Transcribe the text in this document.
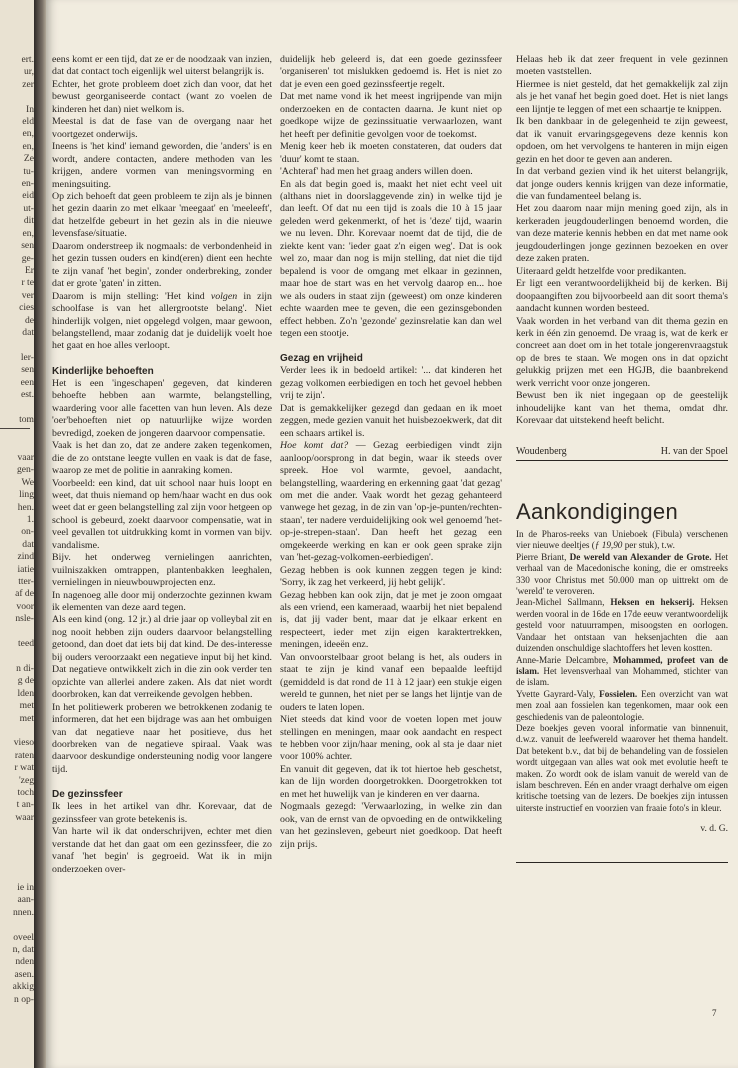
ert.
ur,
zer

In
eld
en,
en,
Ze
tu-
en-
eid
ut-
dit
en,
sen
ge-
Er
r te
ver
cies
de
dat

ler-
sen
een
est.

tom
vaar
gen-
We
ling
hen.
1.
on-
dat
zind
iatie
tter-
af de
voor
nsle-

teed

n di-
g de
lden
met
met

vieso
raten
r wat
'zeg
toch
t an-
waar
ie in
aan-
nnen.

oveel
n, dat
nden
asen.
akkig
n op-

eens komt er een tijd, dat ze er de noodzaak van inzien, dat dat contact toch eigenlijk wel uiterst belangrijk is.

Echter, het grote probleem doet zich dan voor, dat het bewust georganiseerde contact (want zo voelen de kinderen het dan) niet welkom is.

Meestal is dat de fase van de overgang naar het voortgezet onderwijs.

Ineens is 'het kind' iemand geworden, die 'anders' is en wordt, andere contacten, andere methoden van les krijgen, andere vormen van meningsvorming en meningsuiting.

Op zich behoeft dat geen probleem te zijn als je binnen het gezin daarin zo met elkaar 'meegaat' en 'meeleeft', dat hetzelfde gebeurt in het gezin als in die nieuwe levensfase/situatie.

Daarom onderstreep ik nogmaals: de verbondenheid in het gezin tussen ouders en kind(eren) dient een hechte te zijn vanaf 'het begin', zonder onderbreking, zonder dat er grote 'gaten' in zitten.

Daarom is mijn stelling: 'Het kind volgen in zijn schoolfase is van het allergrootste belang'. Niet hinderlijk volgen, niet opgelegd volgen, maar gewoon, belangstellend, maar zodanig dat je duidelijk voelt hoe het gaat en hoe alles verloopt.

Kinderlijke behoeften

Het is een 'ingeschapen' gegeven, dat kinderen behoefte hebben aan warmte, belangstelling, waardering voor alle facetten van hun leven. Als deze 'oer'behoeften niet op natuurlijke wijze worden bevredigd, zoeken de jongeren daarvoor compensatie.

Vaak is het dan zo, dat ze andere zaken tegenkomen, die de zo ontstane leegte vullen en vaak is dat de fase, waarop ze met de politie in aanraking komen.

Voorbeeld: een kind, dat uit school naar huis loopt en weet, dat thuis niemand op hem/haar wacht en dus ook weet dat er geen belangstelling zal zijn voor hetgeen op school is gebeurd, zoekt daarvoor compensatie, wat in veel gevallen tot uitdrukking komt in vormen van bijv. vandalisme.

Bijv. het onderweg vernielingen aanrichten, vuilniszakken omtrappen, plantenbakken leeghalen, vernielingen in nieuwbouwprojecten enz.

In nagenoeg alle door mij onderzochte gezinnen kwam ik elementen van deze aard tegen.

Als een kind (ong. 12 jr.) al drie jaar op volleybal zit en nog nooit hebben zijn ouders daarvoor belangstelling getoond, dan doet dat iets bij dat kind. De des-interesse bij ouders veroorzaakt een negatieve input bij het kind. Dat negatieve ontwikkelt zich in die zin ook verder ten opzichte van allerlei andere zaken. Als dat niet wordt doorbroken, kan dat verreikende gevolgen hebben.

In het politiewerk proberen we betrokkenen zodanig te informeren, dat het een bijdrage was aan het ombuigen van dat negatieve naar het positieve, dus het doorbreken van de negatieve spiraal. Vaak was daarvoor deskundige ondersteuning nodig voor langere tijd.

De gezinssfeer

Ik lees in het artikel van dhr. Korevaar, dat de gezinssfeer van grote betekenis is.

Van harte wil ik dat onderschrijven, echter met dien verstande dat het dan gaat om een gezinssfeer, die zo vanaf 'het begin' is gegroeid. Wat ik in mijn onderzoeken over-

duidelijk heb geleerd is, dat een goede gezinssfeer 'organiseren' tot mislukken gedoemd is. Het is niet zo dat je even een goed gezinssfeertje regelt.

Dat met name vond ik het meest ingrijpende van mijn onderzoeken en de contacten daarna. Je kunt niet op goedkope wijze de gezinssituatie verwaarlozen, want het heeft per definitie gevolgen voor de toekomst.

Menig keer heb ik moeten constateren, dat ouders dat 'duur' komt te staan.

'Achteraf' had men het graag anders willen doen.

En als dat begin goed is, maakt het niet echt veel uit (althans niet in doorslaggevende zin) in welke tijd je dan leeft. Of dat nu een tijd is zoals die 10 à 15 jaar geleden werd gekenmerkt, of het is 'deze' tijd, waarin we nu leven. Dhr. Korevaar noemt dat de tijd, die de ziekte kent van: 'ieder gaat z'n eigen weg'. Dat is ook wel zo, maar dan nog is mijn stelling, dat niet die tijd bepalend is voor de omgang met elkaar in gezinnen, maar hoe de start was en het vervolg daarop en... hoe we als ouders in staat zijn (geweest) om onze kinderen echte waarden mee te geven, die een gezinsgebonden effect hebben. Zo'n 'gezonde' gezinsrelatie kan dan wel tegen een stootje.

Gezag en vrijheid

Verder lees ik in bedoeld artikel: '... dat kinderen het gezag volkomen eerbiedigen en toch het gevoel hebben vrij te zijn'.

Dat is gemakkelijker gezegd dan gedaan en ik moet zeggen, mede gezien vanuit het huisbezoekwerk, dat dit een schaars artikel is.

Hoe komt dat? — Gezag eerbiedigen vindt zijn aanloop/oorsprong in dat begin, waar ik steeds over spreek. Hoe vol warmte, gevoel, aandacht, belangstelling, waardering en erkenning gaat 'dat gezag' om met die ander. Vaak wordt het gezag gehanteerd vanwege het gezag, in de zin van 'op-je-punten/rechten-staan', ter nadere verduidelijking ook wel genoemd 'het-op-je-strepen-staan'. Dan heeft het gezag een omgekeerde werking en kan er ook geen sprake zijn van 'het-gezag-volkomen-eerbiedigen'.

Gezag hebben is ook kunnen zeggen tegen je kind: 'Sorry, ik zag het verkeerd, jij hebt gelijk'.

Gezag hebben kan ook zijn, dat je met je zoon omgaat als een vriend, een kameraad, waarbij het niet bepalend is, dat jij vader bent, maar dat je elkaar erkent en respecteert, ieder met zijn eigen karaktertrekken, meningen, ideeën enz.

Van onvoorstelbaar groot belang is het, als ouders in staat te zijn je kind vanaf een bepaalde leeftijd (gemiddeld is dat rond de 11 à 12 jaar) een stukje eigen wereld te gunnen, het niet per se langs het lijntje van de ouders te laten lopen.

Niet steeds dat kind voor de voeten lopen met jouw stellingen en meningen, maar ook aandacht en respect te hebben voor zijn/haar mening, ook al sta je daar niet voor 100% achter.

En vanuit dit gegeven, dat ik tot hiertoe heb geschetst, kan de lijn worden doorgetrokken. Doorgetrokken tot en met het huwelijk van je kinderen en ver daarna.

Nogmaals gezegd: 'Verwaarlozing, in welke zin dan ook, van de ernst van de opvoeding en de ontwikkeling van het gezinsleven, gebeurt niet goedkoop. Dat heeft zijn prijs.

Helaas heb ik dat zeer frequent in vele gezinnen moeten vaststellen.

Hiermee is niet gesteld, dat het gemakkelijk zal zijn als je het vanaf het begin goed doet. Het is niet langs een lijntje te leggen of met een schaartje te knippen.

Ik ben dankbaar in de gelegenheid te zijn geweest, dat ik vanuit ervaringsgegevens deze kennis kon opdoen, om het vervolgens te hanteren in mijn eigen gezin en het door te geven aan anderen.

In dat verband gezien vind ik het uiterst belangrijk, dat jonge ouders kennis krijgen van deze informatie, die van fundamenteel belang is.

Het zou daarom naar mijn mening goed zijn, als in kerkeraden jeugdouderlingen benoemd worden, die van deze materie kennis hebben en dat met name ook jeugdouderlingen jonge gezinnen bezoeken en over deze zaken praten.

Uiteraard geldt hetzelfde voor predikanten.

Er ligt een verantwoordelijkheid bij de kerken. Bij doopaangiften zou bijvoorbeeld aan dit soort thema's aandacht kunnen worden besteed.

Vaak worden in het verband van dit thema gezin en kerk in één zin genoemd. De vraag is, wat de kerk er concreet aan doet om in het totale jongerenvraagstuk op de bres te staan. We mogen ons in dat opzicht gelukkig prijzen met een HGJB, die baanbrekend werk verricht voor onze jongeren.

Bewust ben ik niet ingegaan op de geestelijk inhoudelijke kant van het thema, omdat dhr. Korevaar dat uitstekend heeft belicht.

Woudenberg	H. van der Spoel
Aankondigingen

In de Pharos-reeks van Unieboek (Fibula) verschenen vier nieuwe deeltjes (ƒ 19,90 per stuk), t.w.

Pierre Briant, De wereld van Alexander de Grote. Het verhaal van de Macedonische koning, die er omstreeks 330 voor Christus met 50.000 man op uittrekt om de 'wereld' te veroveren.

Jean-Michel Sallmann, Heksen en hekserij. Heksen werden vooral in de 16de en 17de eeuw verantwoordelijk gesteld voor natuurrampen, misoogsten en oorlogen. Vandaar het ontstaan van heksenjachten die aan duizenden onschuldige slachtoffers het leven kostten.

Anne-Marie Delcambre, Mohammed, profeet van de islam. Het levensverhaal van Mohammed, stichter van de islam.

Yvette Gayrard-Valy, Fossielen. Een overzicht van wat men zoal aan fossielen kan tegenkomen, maar ook een geschiedenis van de paleontologie.

Deze boekjes geven vooral informatie van binnenuit, d.w.z. vanuit de leefwereld waarover het thema handelt. Dat betekent b.v., dat bij de behandeling van de fossielen wordt uitgegaan van alles wat ook met evolutie heeft te maken. Zo wordt ook de islam vanuit de wereld van de islam beschreven. Eén en ander vraagt derhalve om eigen kritische toetsing van de lezers. De boekjes zijn intussen uiterste instructief en voorzien van fraaie foto's in kleur.

v. d. G.
7
